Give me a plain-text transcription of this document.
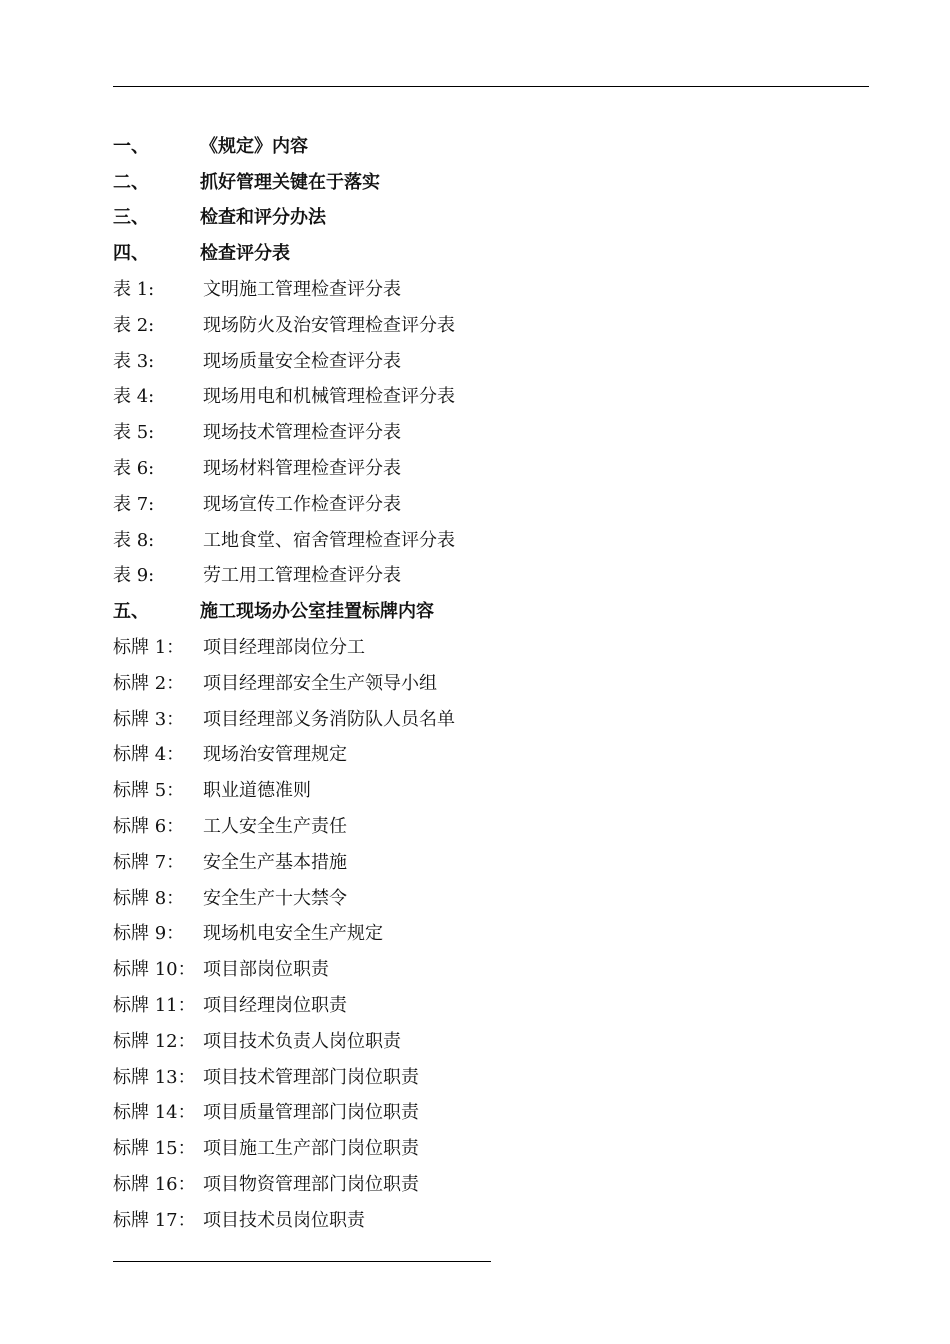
一、	《规定》内容
二、	抓好管理关键在于落实
三、	检查和评分办法
四、	检查评分表
表 1:	文明施工管理检查评分表
表 2:	现场防火及治安管理检查评分表
表 3:	现场质量安全检查评分表
表 4:	现场用电和机械管理检查评分表
表 5:	现场技术管理检查评分表
表 6:	现场材料管理检查评分表
表 7:	现场宣传工作检查评分表
表 8:	工地食堂、宿舍管理检查评分表
表 9:	劳工用工管理检查评分表
五、	施工现场办公室挂置标牌内容
标牌 1：	项目经理部岗位分工
标牌 2：	项目经理部安全生产领导小组
标牌 3：	项目经理部义务消防队人员名单
标牌 4：	现场治安管理规定
标牌 5：	职业道德准则
标牌 6：	工人安全生产责任
标牌 7：	安全生产基本措施
标牌 8：	安全生产十大禁令
标牌 9：	现场机电安全生产规定
标牌 10： 项目部岗位职责
标牌 11： 项目经理岗位职责
标牌 12： 项目技术负责人岗位职责
标牌 13： 项目技术管理部门岗位职责
标牌 14： 项目质量管理部门岗位职责
标牌 15： 项目施工生产部门岗位职责
标牌 16： 项目物资管理部门岗位职责
标牌 17： 项目技术员岗位职责
